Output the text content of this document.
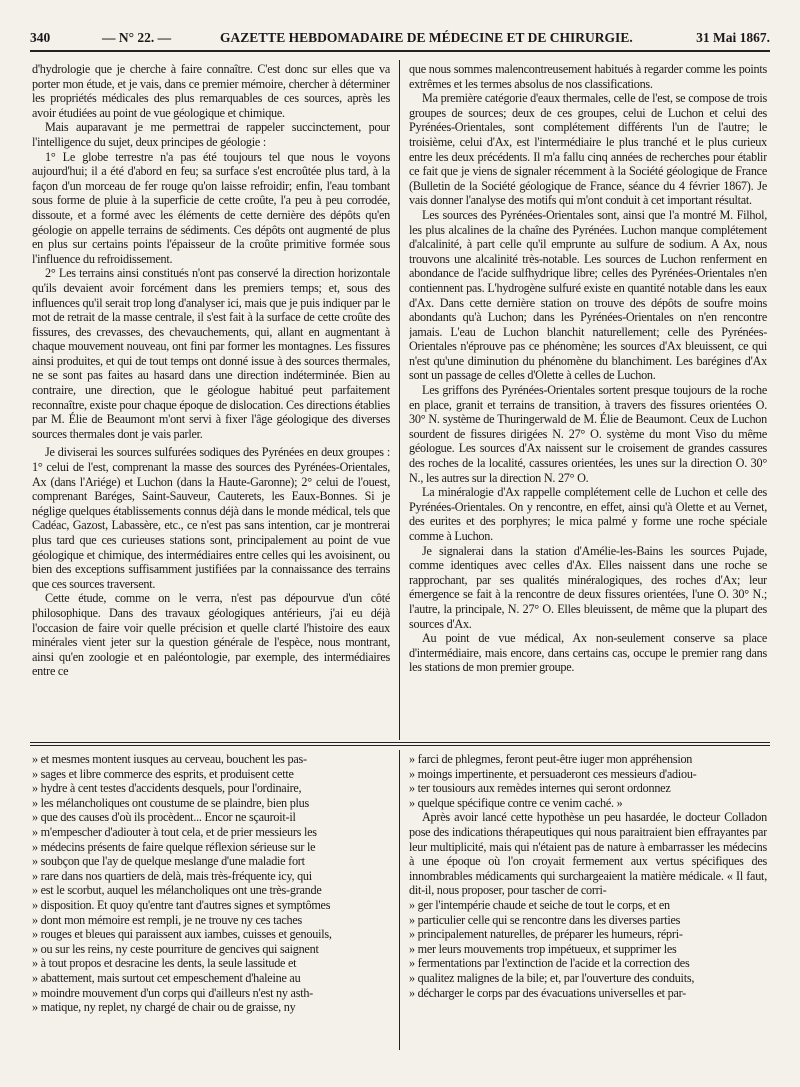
340	— N° 22. —	GAZETTE HEBDOMADAIRE DE MÉDECINE ET DE CHIRURGIE.	31 Mai 1867.

d'hydrologie que je cherche à faire connaître. C'est donc sur elles que va porter mon étude, et je vais, dans ce premier mémoire, chercher à déterminer les propriétés médicales des plus remarquables de ces sources, après les avoir étudiées au point de vue géologique et chimique.

Mais auparavant je me permettrai de rappeler succinctement, pour l'intelligence du sujet, deux principes de géologie :

1° Le globe terrestre n'a pas été toujours tel que nous le voyons aujourd'hui; il a été d'abord en feu; sa surface s'est encroûtée plus tard, à la façon d'un morceau de fer rouge qu'on laisse refroidir; enfin, l'eau tombant sous forme de pluie à la superficie de cette croûte, l'a peu à peu corrodée, dissoute, et a formé avec les éléments de cette dernière des dépôts qu'en géologie on appelle terrains de sédiments. Ces dépôts ont augmenté de plus en plus sur certains points l'épaisseur de la croûte primitive formée sous l'influence du refroidissement.

2° Les terrains ainsi constitués n'ont pas conservé la direction horizontale qu'ils devaient avoir forcément dans les premiers temps; et, sous des influences qu'il serait trop long d'analyser ici, mais que je puis indiquer par le mot de retrait de la masse centrale, il s'est fait à la surface de cette croûte des fissures, des crevasses, des chevauchements, qui, allant en augmentant à chaque mouvement nouveau, ont fini par former les montagnes. Les fissures ainsi produites, et qui de tout temps ont donné issue à des sources thermales, ne se sont pas faites au hasard dans une direction indéterminée. Bien au contraire, une direction, que le géologue habitué peut parfaitement reconnaître, existe pour chaque époque de dislocation. Ces directions établies par M. Élie de Beaumont m'ont servi à fixer l'âge géologique des diverses sources thermales dont je vais parler.

Je diviserai les sources sulfurées sodiques des Pyrénées en deux groupes : 1° celui de l'est, comprenant la masse des sources des Pyrénées-Orientales, Ax (dans l'Ariége) et Luchon (dans la Haute-Garonne); 2° celui de l'ouest, comprenant Baréges, Saint-Sauveur, Cauterets, les Eaux-Bonnes. Si je néglige quelques établissements connus déjà dans le monde médical, tels que Cadéac, Gazost, Labassère, etc., ce n'est pas sans intention, car je montrerai plus tard que ces curieuses stations sont, principalement au point de vue géologique et chimique, des intermédiaires entre celles qui les avoisinent, ou bien des exceptions suffisamment justifiées par la connaissance des terrains que ces sources traversent.

Cette étude, comme on le verra, n'est pas dépourvue d'un côté philosophique. Dans des travaux géologiques antérieurs, j'ai eu déjà l'occasion de faire voir quelle précision et quelle clarté l'histoire des eaux minérales vient jeter sur la question générale de l'espèce, nous montrant, ainsi qu'en zoologie et en paléontologie, par exemple, des intermédiaires entre ce

que nous sommes malencontreusement habitués à regarder comme les points extrêmes et les termes absolus de nos classifications.

Ma première catégorie d'eaux thermales, celle de l'est, se compose de trois groupes de sources; deux de ces groupes, celui de Luchon et celui des Pyrénées-Orientales, sont complétement différents l'un de l'autre; le troisième, celui d'Ax, est l'intermédiaire le plus tranché et le plus curieux entre les deux précédents. Il m'a fallu cinq années de recherches pour établir ce fait que je viens de signaler récemment à la Société géologique de France (Bulletin de la Société géologique de France, séance du 4 février 1867). Je vais donner l'analyse des motifs qui m'ont conduit à cet important résultat.

Les sources des Pyrénées-Orientales sont, ainsi que l'a montré M. Filhol, les plus alcalines de la chaîne des Pyrénées. Luchon manque complétement d'alcalinité, à part celle qu'il emprunte au sulfure de sodium. A Ax, nous trouvons une alcalinité très-notable. Les sources de Luchon renferment en abondance de l'acide sulfhydrique libre; celles des Pyrénées-Orientales n'en contiennent pas. L'hydrogène sulfuré existe en quantité notable dans les eaux d'Ax. Dans cette dernière station on trouve des dépôts de soufre moins abondants qu'à Luchon; dans les Pyrénées-Orientales on n'en rencontre jamais. L'eau de Luchon blanchit naturellement; celle des Pyrénées-Orientales n'éprouve pas ce phénomène; les sources d'Ax bleuissent, ce qui n'est qu'une diminution du phénomène du blanchiment. Les barégines d'Ax sont un passage de celles d'Olette à celles de Luchon.

Les griffons des Pyrénées-Orientales sortent presque toujours de la roche en place, granit et terrains de transition, à travers des fissures orientées O. 30° N. système de Thuringerwald de M. Élie de Beaumont. Ceux de Luchon sourdent de fissures dirigées N. 27° O. système du mont Viso du même géologue. Les sources d'Ax naissent sur le croisement de grandes cassures des roches de la localité, cassures orientées, les unes sur la direction O. 30° N., les autres sur la direction N. 27° O.

La minéralogie d'Ax rappelle complétement celle de Luchon et celle des Pyrénées-Orientales. On y rencontre, en effet, ainsi qu'à Olette et au Vernet, des eurites et des porphyres; le mica palmé y forme une roche spéciale comme à Luchon.

Je signalerai dans la station d'Amélie-les-Bains les sources Pujade, comme identiques avec celles d'Ax. Elles naissent dans une roche se rapprochant, par ses qualités minéralogiques, des roches d'Ax; leur émergence se fait à la rencontre de deux fissures orientées, l'une O. 30° N.; l'autre, la principale, N. 27° O. Elles bleuissent, de même que la plupart des sources d'Ax.

Au point de vue médical, Ax non-seulement conserve sa place d'intermédiaire, mais encore, dans certains cas, occupe le premier rang dans les stations de mon premier groupe.

» et mesmes montent iusques au cerveau, bouchent les pas-

» sages et libre commerce des esprits, et produisent cette

» hydre à cent testes d'accidents desquels, pour l'ordinaire,

» les mélancholiques ont coustume de se plaindre, bien plus

» que des causes d'où ils procèdent... Encor ne sçauroit-il

» m'empescher d'adiouter à tout cela, et de prier messieurs les

» médecins présents de faire quelque réflexion sérieuse sur le

» soubçon que l'ay de quelque meslange d'une maladie fort

» rare dans nos quartiers de delà, mais très-fréquente icy, qui

» est le scorbut, auquel les mélancholiques ont une très-grande

» disposition. Et quoy qu'entre tant d'autres signes et symptômes

» dont mon mémoire est rempli, je ne trouve ny ces taches

» rouges et bleues qui paraissent aux iambes, cuisses et genouils,

» ou sur les reins, ny ceste pourriture de gencives qui saignent

» à tout propos et desracine les dents, la seule lassitude et

» abattement, mais surtout cet empeschement d'haleine au

» moindre mouvement d'un corps qui d'ailleurs n'est ny asth-

» matique, ny replet, ny chargé de chair ou de graisse, ny

» farci de phlegmes, feront peut-être iuger mon appréhension

» moings impertinente, et persuaderont ces messieurs d'adiou-

» ter tousiours aux remèdes internes qui seront ordonnez

» quelque spécifique contre ce venim caché. »

Après avoir lancé cette hypothèse un peu hasardée, le docteur Colladon pose des indications thérapeutiques qui nous paraitraient bien effrayantes par leur multiplicité, mais qui n'étaient pas de nature à embarrasser les médecins à une époque où l'on croyait fermement aux vertus spécifiques des innombrables médicaments qui surchargeaient la matière médicale. « Il faut, dit-il, nous proposer, pour tascher de corri-

» ger l'intempérie chaude et seiche de tout le corps, et en

» particulier celle qui se rencontre dans les diverses parties

» principalement naturelles, de préparer les humeurs, répri-

» mer leurs mouvements trop impétueux, et supprimer les

» fermentations par l'extinction de l'acide et la correction des

» qualitez malignes de la bile; et, par l'ouverture des conduits,

» décharger le corps par des évacuations universelles et par-
